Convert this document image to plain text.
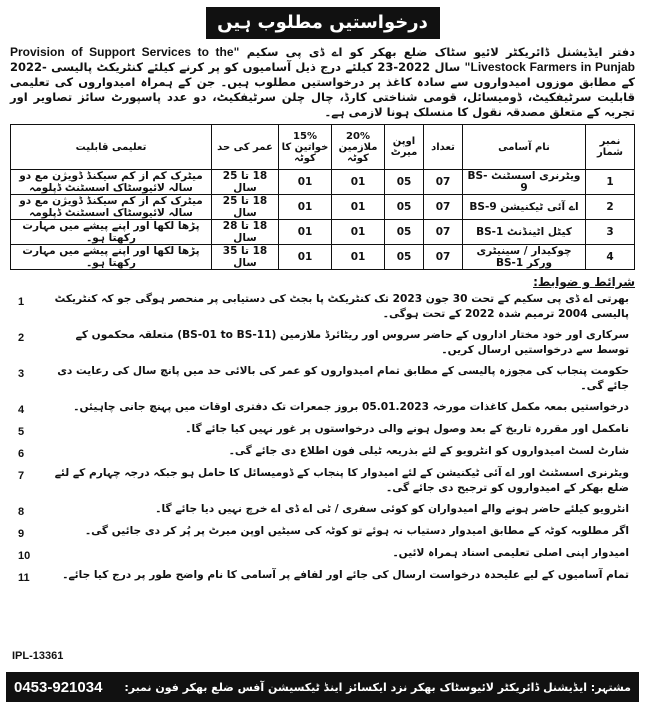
درخواستیں مطلوب ہیں
دفتر ایڈیشنل ڈائریکٹر لائیو سٹاک ضلع بھکر کو اے ڈی پی سکیم "Provision of Support Services to the Livestock Farmers in Punjab" سال 2022-23 کیلئے درج ذیل آسامیوں کو پر کرنے کیلئے کنٹریکٹ پالیسی -2022 کے مطابق موزوں امیدواروں سے سادہ کاغذ پر درخواستیں مطلوب ہیں۔ جن کے ہمراہ امیدواروں کی تعلیمی قابلیت سرٹیفکیٹ، ڈومیسائل، قومی شناختی کارڈ، چال چلن سرٹیفکیٹ، دو عدد پاسپورٹ سائز تصاویر اور تجربہ کے متعلق مصدقہ نقول کا منسلک ہونا لازمی ہے۔
نمبر شمار	نام آسامی	تعداد	اوپن میرٹ	20% ملازمین کوٹہ	15% خواتین کا کوٹہ	عمر کی حد	تعلیمی قابلیت
1	ویٹرنری اسسٹنٹ BS-9	07	05	01	01	18 تا 25 سال	میٹرک کم از کم سیکنڈ ڈویژن مع دو سالہ لائیوسٹاک اسسٹنٹ ڈپلومہ
2	اے آئی ٹیکنیشن BS-9	07	05	01	01	18 تا 25 سال	میٹرک کم از کم سیکنڈ ڈویژن مع دو سالہ لائیوسٹاک اسسٹنٹ ڈپلومہ
3	کیٹل اٹینڈنٹ BS-1	07	05	01	01	18 تا 28 سال	پڑھا لکھا اور اپنے پیشے میں مہارت رکھتا ہو۔
4	چوکیدار / سینیٹری ورکر BS-1	07	05	01	01	18 تا 35 سال	پڑھا لکھا اور اپنے پیشے میں مہارت رکھتا ہو۔
شرائط و ضوابط:
1	بھرتی اے ڈی پی سکیم کے تحت 30 جون 2023 تک کنٹریکٹ پا بجٹ کی دستیابی پر منحصر ہوگی جو کہ کنٹریکٹ پالیسی 2004 ترمیم شدہ 2022 کے تحت ہوگی۔
2	سرکاری اور خود مختار اداروں کے حاضر سروس اور ریٹائرڈ ملازمین (BS-01 to BS-11) متعلقہ محکموں کے توسط سے درخواستیں ارسال کریں۔
3	حکومت پنجاب کی مجوزہ پالیسی کے مطابق تمام امیدواروں کو عمر کی بالائی حد میں پانچ سال کی رعایت دی جائے گی۔
4	درخواستیں بمعہ مکمل کاغذات مورخہ 05.01.2023 بروز جمعرات تک دفتری اوقات میں پہنچ جانی چاہیئں۔
5	نامکمل اور مقررہ تاریخ کے بعد وصول ہونے والی درخواستوں پر غور نہیں کیا جائے گا۔
6	شارٹ لسٹ امیدواروں کو انٹرویو کے لئے بذریعہ ٹیلی فون اطلاع دی جائے گی۔
7	ویٹرنری اسسٹنٹ اور اے آئی ٹیکنیشن کے لئے امیدوار کا پنجاب کے ڈومیسائل کا حامل ہو جبکہ درجہ چہارم کے لئے ضلع بھکر کے امیدواروں کو ترجیح دی جائے گی۔
8	انٹرویو کیلئے حاضر ہونے والے امیدواران کو کوئی سفری / ٹی اے ڈی اے خرچ نہیں دیا جائے گا۔
9	اگر مطلوبہ کوٹہ کے مطابق امیدوار دستیاب نہ ہوئے تو کوٹہ کی سیٹیں اوپن میرٹ پر پُر کر دی جائیں گی۔
10	امیدوار اپنی اصلی تعلیمی اسناد ہمراہ لائیں۔
11	تمام آسامیوں کے لیے علیحدہ درخواست ارسال کی جائے اور لفافے پر آسامی کا نام واضح طور پر درج کیا جائے۔
IPL-13361
مشتہر: ایڈیشنل ڈائریکٹر لائیوسٹاک بھکر نزد ایکسائز اینڈ ٹیکسیشن آفس ضلع بھکر فون نمبر:
0453-921034
